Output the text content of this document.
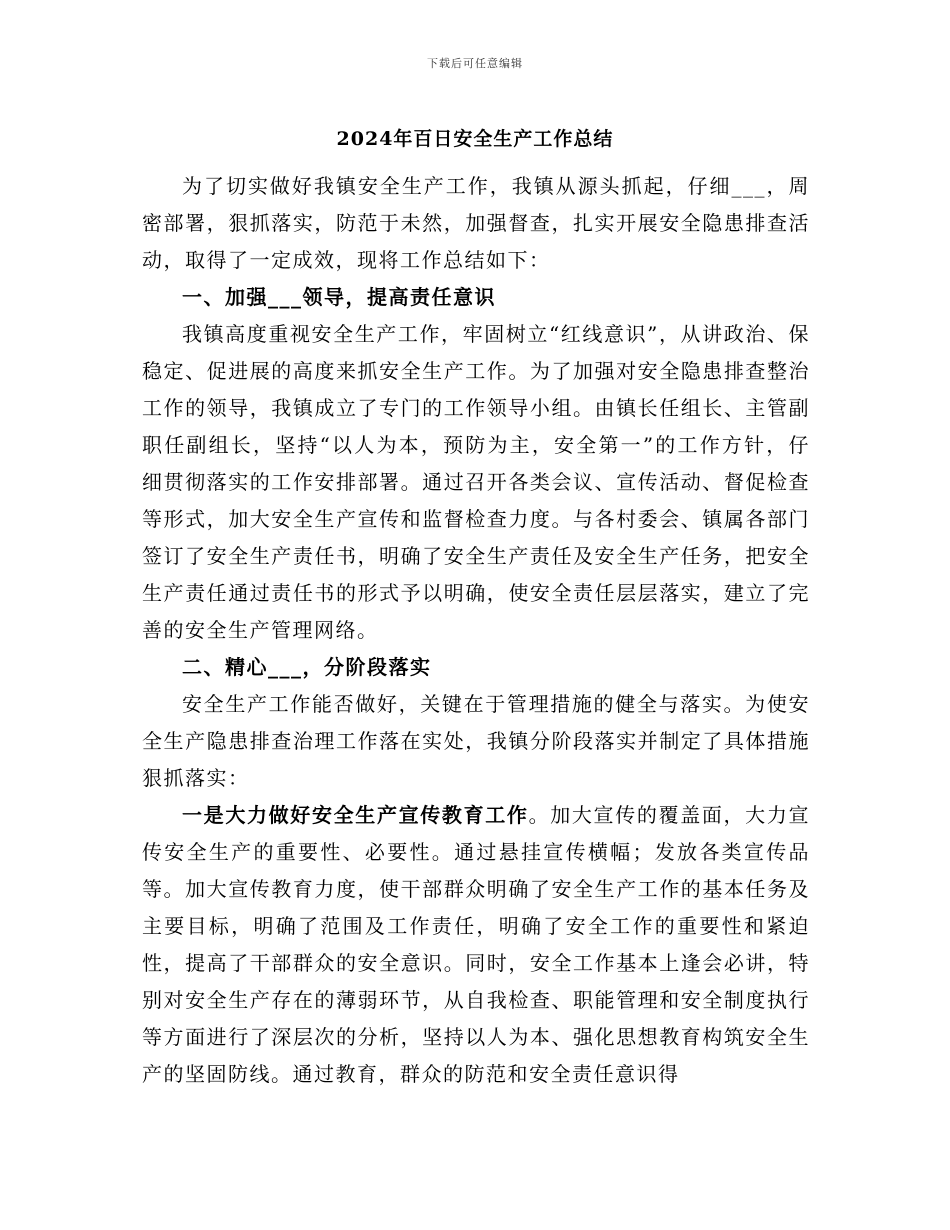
下载后可任意编辑
2024年百日安全生产工作总结

为了切实做好我镇安全生产工作，我镇从源头抓起，仔细___，周密部署，狠抓落实，防范于未然，加强督查，扎实开展安全隐患排查活动，取得了一定成效，现将工作总结如下：

一、加强___领导，提高责任意识

我镇高度重视安全生产工作，牢固树立“红线意识”，从讲政治、保稳定、促进展的高度来抓安全生产工作。为了加强对安全隐患排查整治工作的领导，我镇成立了专门的工作领导小组。由镇长任组长、主管副职任副组长，坚持“以人为本，预防为主，安全第一”的工作方针，仔细贯彻落实的工作安排部署。通过召开各类会议、宣传活动、督促检查等形式，加大安全生产宣传和监督检查力度。与各村委会、镇属各部门签订了安全生产责任书，明确了安全生产责任及安全生产任务，把安全生产责任通过责任书的形式予以明确，使安全责任层层落实，建立了完善的安全生产管理网络。

二、精心___，分阶段落实

安全生产工作能否做好，关键在于管理措施的健全与落实。为使安全生产隐患排查治理工作落在实处，我镇分阶段落实并制定了具体措施狠抓落实：

一是大力做好安全生产宣传教育工作。加大宣传的覆盖面，大力宣传安全生产的重要性、必要性。通过悬挂宣传横幅；发放各类宣传品等。加大宣传教育力度，使干部群众明确了安全生产工作的基本任务及主要目标，明确了范围及工作责任，明确了安全工作的重要性和紧迫性，提高了干部群众的安全意识。同时，安全工作基本上逢会必讲，特别对安全生产存在的薄弱环节，从自我检查、职能管理和安全制度执行等方面进行了深层次的分析，坚持以人为本、强化思想教育构筑安全生产的坚固防线。通过教育，群众的防范和安全责任意识得
